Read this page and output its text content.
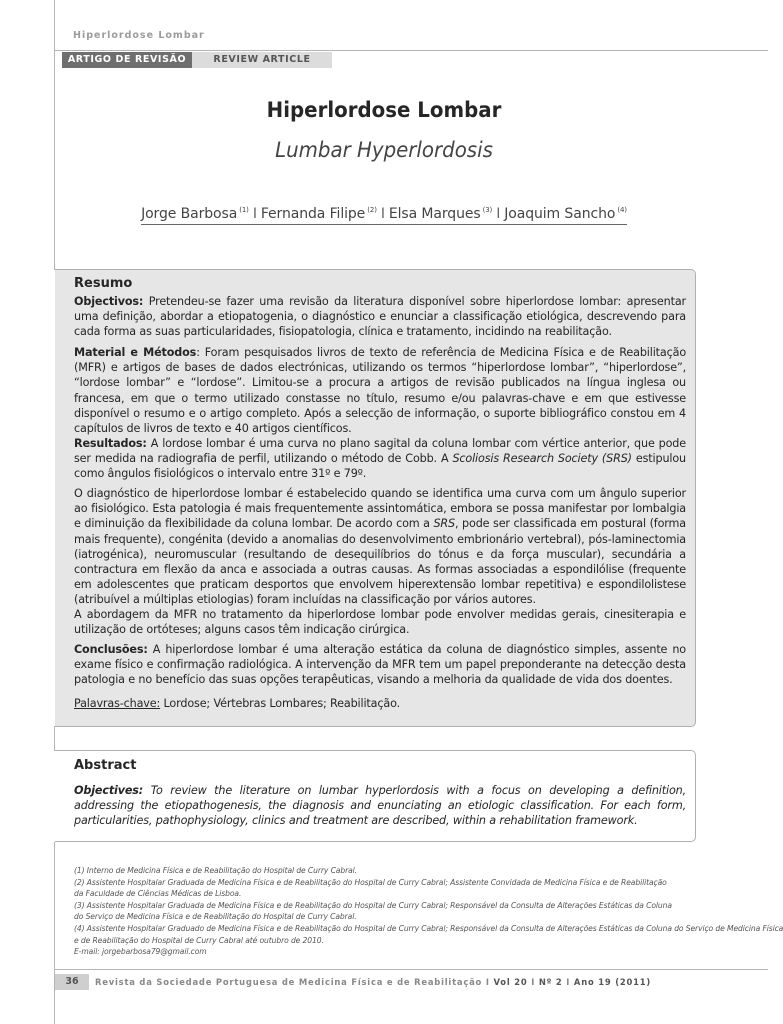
Hiperlordose Lombar
ARTIGO DE REVISÃO	REVIEW ARTICLE
Hiperlordose Lombar
Lumbar Hyperlordosis
Jorge Barbosa $^{(1)}$ I Fernanda Filipe $^{(2)}$ I Elsa Marques $^{(3)}$ I Joaquim Sancho $^{(4)}$
Resumo
Objectivos: Pretendeu-se fazer uma revisão da literatura disponível sobre hiperlordose lombar: apresentar uma definição, abordar a etiopatogenia, o diagnóstico e enunciar a classificação etiológica, descrevendo para cada forma as suas particularidades, fisiopatologia, clínica e tratamento, incidindo na reabilitação.
Material e Métodos: Foram pesquisados livros de texto de referência de Medicina Física e de Reabilitação (MFR) e artigos de bases de dados electrónicas, utilizando os termos “hiperlordose lombar”, “hiperlordose”, “lordose lombar” e “lordose”. Limitou-se a procura a artigos de revisão publicados na língua inglesa ou francesa, em que o termo utilizado constasse no título, resumo e/ou palavras-chave e em que estivesse disponível o resumo e o artigo completo. Após a selecção de informação, o suporte bibliográfico constou em 4 capítulos de livros de texto e 40 artigos científicos.
Resultados: A lordose lombar é uma curva no plano sagital da coluna lombar com vértice anterior, que pode ser medida na radiografia de perfil, utilizando o método de Cobb. A Scoliosis Research Society (SRS) estipulou como ângulos fisiológicos o intervalo entre 31º e 79º.
O diagnóstico de hiperlordose lombar é estabelecido quando se identifica uma curva com um ângulo superior ao fisiológico. Esta patologia é mais frequentemente assintomática, embora se possa manifestar por lombalgia e diminuição da flexibilidade da coluna lombar. De acordo com a SRS, pode ser classificada em postural (forma mais frequente), congénita (devido a anomalias do desenvolvimento embrionário vertebral), pós-laminectomia (iatrogénica), neuromuscular (resultando de desequilíbrios do tónus e da força muscular), secundária a contractura em flexão da anca e associada a outras causas. As formas associadas a espondilólise (frequente em adolescentes que praticam desportos que envolvem hiperextensão lombar repetitiva) e espondilolistese (atribuível a múltiplas etiologias) foram incluídas na classificação por vários autores.
A abordagem da MFR no tratamento da hiperlordose lombar pode envolver medidas gerais, cinesiterapia e utilização de ortóteses; alguns casos têm indicação cirúrgica.
Conclusões: A hiperlordose lombar é uma alteração estática da coluna de diagnóstico simples, assente no exame físico e confirmação radiológica. A intervenção da MFR tem um papel preponderante na detecção desta patologia e no benefício das suas opções terapêuticas, visando a melhoria da qualidade de vida dos doentes.
Palavras-chave: Lordose; Vértebras Lombares; Reabilitação.
Abstract
Objectives: To review the literature on lumbar hyperlordosis with a focus on developing a definition, addressing the etiopathogenesis, the diagnosis and enunciating an etiologic classification. For each form, particularities, pathophysiology, clinics and treatment are described, within a rehabilitation framework.
(1) Interno de Medicina Física e de Reabilitação do Hospital de Curry Cabral.
(2) Assistente Hospitalar Graduada de Medicina Física e de Reabilitação do Hospital de Curry Cabral; Assistente Convidada de Medicina Física e de Reabilitação
da Faculdade de Ciências Médicas de Lisboa.
(3) Assistente Hospitalar Graduada de Medicina Física e de Reabilitação do Hospital de Curry Cabral; Responsável da Consulta de Alterações Estáticas da Coluna
do Serviço de Medicina Física e de Reabilitação do Hospital de Curry Cabral.
(4) Assistente Hospitalar Graduado de Medicina Física e de Reabilitação do Hospital de Curry Cabral; Responsável da Consulta de Alterações Estáticas da Coluna do Serviço de Medicina Física
e de Reabilitação do Hospital de Curry Cabral até outubro de 2010.
E-mail: jorgebarbosa79@gmail.com
36	Revista da Sociedade Portuguesa de Medicina Física e de Reabilitação I Vol 20 I Nº 2 I Ano 19 (2011)
